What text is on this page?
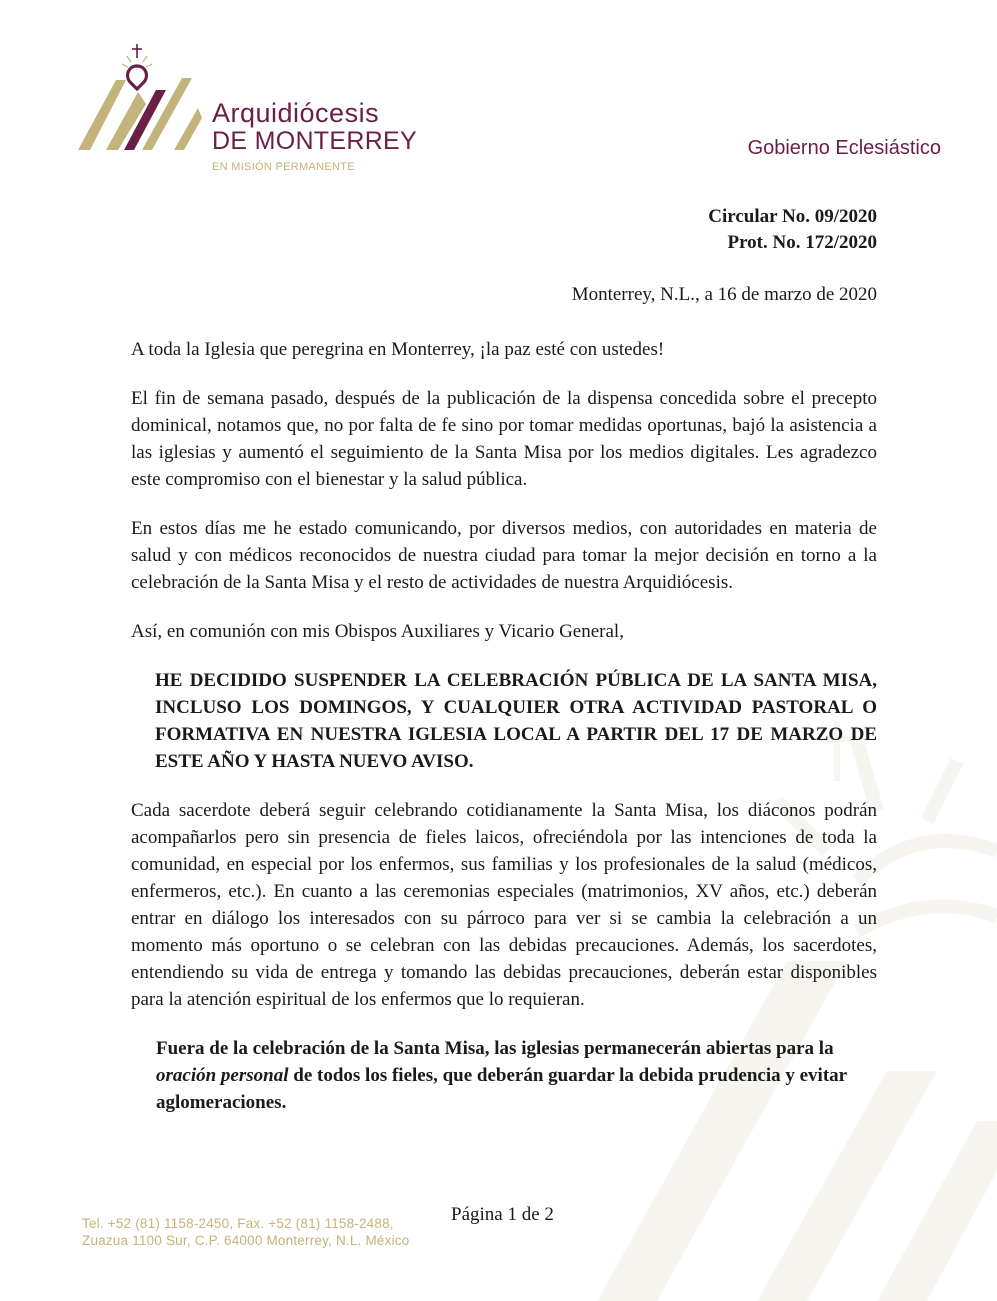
Arquidiócesis
DE MONTERREY
EN MISIÓN PERMANENTE
Gobierno Eclesiástico
Circular No. 09/2020
Prot. No. 172/2020
Monterrey, N.L., a 16 de marzo de 2020

A toda la Iglesia que peregrina en Monterrey, ¡la paz esté con ustedes!

El fin de semana pasado, después de la publicación de la dispensa concedida sobre el precepto dominical, notamos que, no por falta de fe sino por tomar medidas oportunas, bajó la asistencia a las iglesias y aumentó el seguimiento de la Santa Misa por los medios digitales. Les agradezco este compromiso con el bienestar y la salud pública.

En estos días me he estado comunicando, por diversos medios, con autoridades en materia de salud y con médicos reconocidos de nuestra ciudad para tomar la mejor decisión en torno a la celebración de la Santa Misa y el resto de actividades de nuestra Arquidiócesis.

Así, en comunión con mis Obispos Auxiliares y Vicario General,

HE DECIDIDO SUSPENDER LA CELEBRACIÓN PÚBLICA DE LA SANTA MISA, INCLUSO LOS DOMINGOS, Y CUALQUIER OTRA ACTIVIDAD PASTORAL O FORMATIVA EN NUESTRA IGLESIA LOCAL A PARTIR DEL 17 DE MARZO DE ESTE AÑO Y HASTA NUEVO AVISO.

Cada sacerdote deberá seguir celebrando cotidianamente la Santa Misa, los diáconos podrán acompañarlos pero sin presencia de fieles laicos, ofreciéndola por las intenciones de toda la comunidad, en especial por los enfermos, sus familias y los profesionales de la salud (médicos, enfermeros, etc.). En cuanto a las ceremonias especiales (matrimonios, XV años, etc.) deberán entrar en diálogo los interesados con su párroco para ver si se cambia la celebración a un momento más oportuno o se celebran con las debidas precauciones. Además, los sacerdotes, entendiendo su vida de entrega y tomando las debidas precauciones, deberán estar disponibles para la atención espiritual de los enfermos que lo requieran.

Fuera de la celebración de la Santa Misa, las iglesias permanecerán abiertas para la oración personal de todos los fieles, que deberán guardar la debida prudencia y evitar aglomeraciones.

Tel. +52 (81) 1158-2450, Fax. +52 (81) 1158-2488,
Zuazua 1100 Sur, C.P. 64000 Monterrey, N.L. México
Página 1 de 2
